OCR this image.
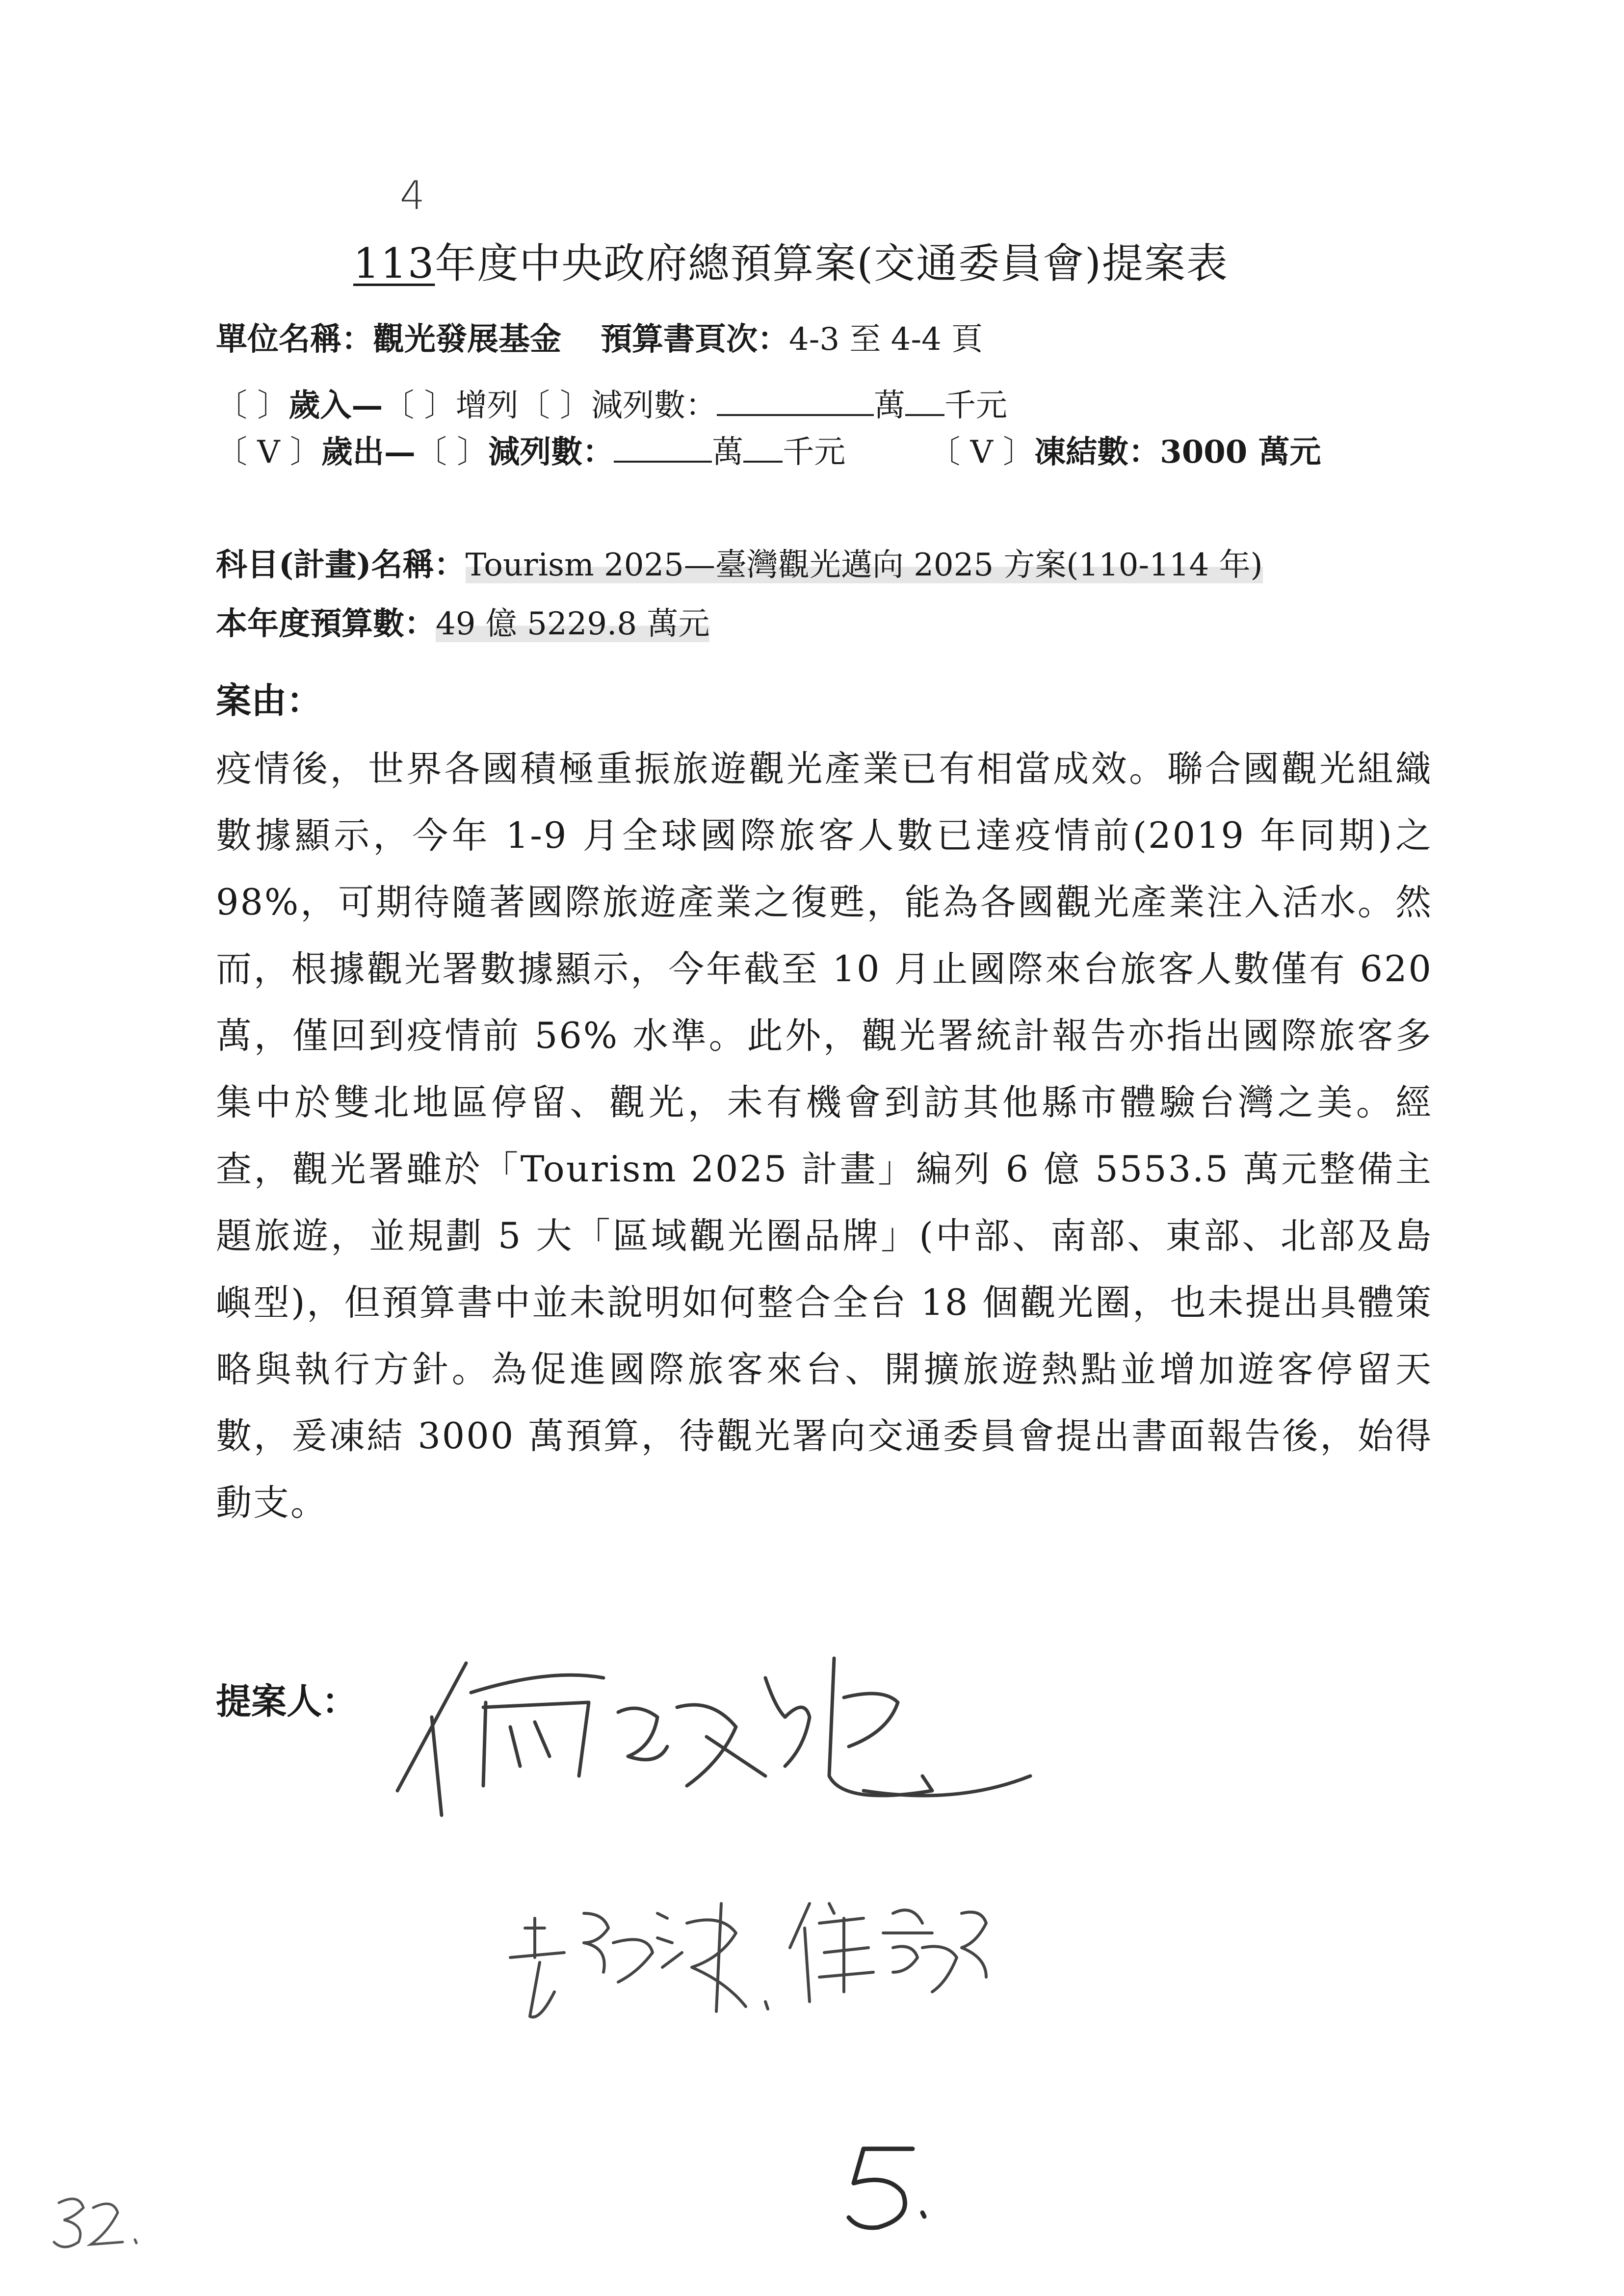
113年度中央政府總預算案(交通委員會)提案表
4
單位名稱：觀光發展基金 預算書頁次：4-3 至 4-4 頁
〔 〕歲入—〔 〕增列〔 〕減列數：	萬 千元
〔 V 〕歲出—〔 〕減列數：	萬 千元	〔 V 〕凍結數：3000 萬元
科目(計畫)名稱：Tourism 2025—臺灣觀光邁向 2025 方案(110-114 年)
本年度預算數：49 億 5229.8 萬元
案由：
疫情後，世界各國積極重振旅遊觀光產業已有相當成效。聯合國觀光組織數據顯示，今年 1-9 月全球國際旅客人數已達疫情前(2019 年同期)之 98%，可期待隨著國際旅遊產業之復甦，能為各國觀光產業注入活水。然而，根據觀光署數據顯示，今年截至 10 月止國際來台旅客人數僅有 620 萬，僅回到疫情前 56% 水準。此外，觀光署統計報告亦指出國際旅客多集中於雙北地區停留、觀光，未有機會到訪其他縣市體驗台灣之美。經查，觀光署雖於「Tourism 2025 計畫」編列 6 億 5553.5 萬元整備主題旅遊，並規劃 5 大「區域觀光圈品牌」(中部、南部、東部、北部及島嶼型)，但預算書中並未說明如何整合全台 18 個觀光圈，也未提出具體策略與執行方針。為促進國際旅客來台、開擴旅遊熱點並增加遊客停留天數，爰凍結 3000 萬預算，待觀光署向交通委員會提出書面報告後，始得動支。
提案人：
